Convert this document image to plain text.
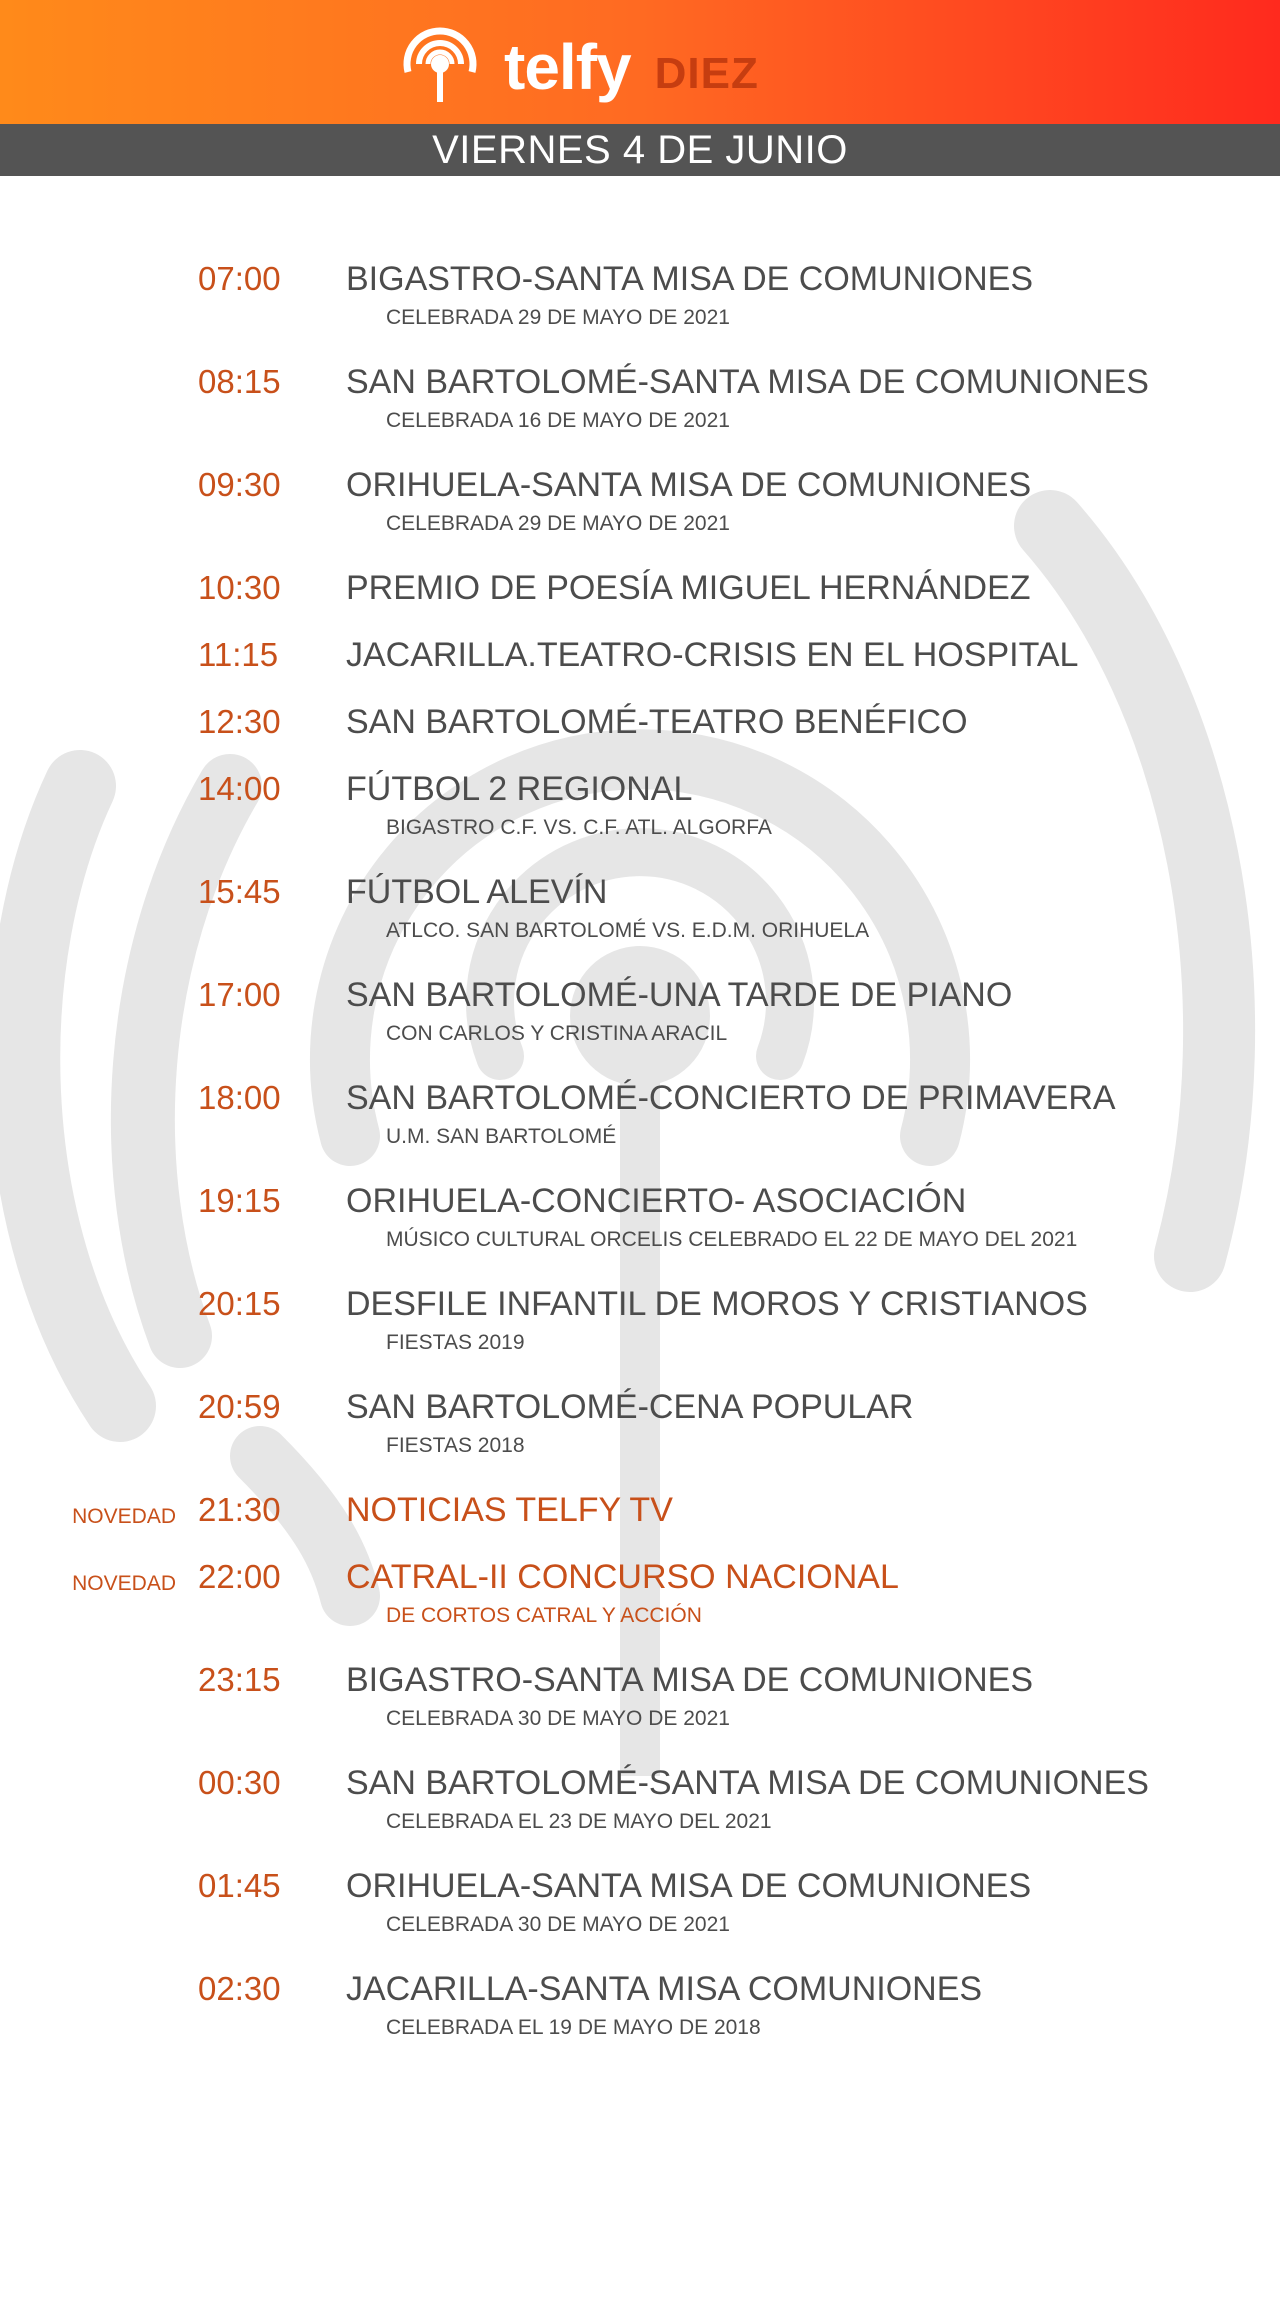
telfy DIEZ
VIERNES 4 DE JUNIO
07:00 BIGASTRO-SANTA MISA DE COMUNIONES
CELEBRADA 29 DE MAYO DE 2021
08:15 SAN BARTOLOMÉ-SANTA MISA DE COMUNIONES
CELEBRADA 16 DE MAYO DE 2021
09:30 ORIHUELA-SANTA MISA DE COMUNIONES
CELEBRADA 29 DE MAYO DE 2021
10:30 PREMIO DE POESÍA MIGUEL HERNÁNDEZ
11:15 JACARILLA.TEATRO-CRISIS EN EL HOSPITAL
12:30 SAN BARTOLOMÉ-TEATRO BENÉFICO
14:00 FÚTBOL 2 REGIONAL
BIGASTRO C.F. VS. C.F. ATL. ALGORFA
15:45 FÚTBOL ALEVÍN
ATLCO. SAN BARTOLOMÉ VS. E.D.M. ORIHUELA
17:00 SAN BARTOLOMÉ-UNA TARDE DE PIANO
CON CARLOS Y CRISTINA ARACIL
18:00 SAN BARTOLOMÉ-CONCIERTO DE PRIMAVERA
U.M. SAN BARTOLOMÉ
19:15 ORIHUELA-CONCIERTO- ASOCIACIÓN
MÚSICO CULTURAL ORCELIS CELEBRADO EL 22 DE MAYO DEL 2021
20:15 DESFILE INFANTIL DE MOROS Y CRISTIANOS
FIESTAS 2019
20:59 SAN BARTOLOMÉ-CENA POPULAR
FIESTAS 2018
NOVEDAD 21:30 NOTICIAS TELFY TV
NOVEDAD 22:00 CATRAL-II CONCURSO NACIONAL
DE CORTOS CATRAL Y ACCIÓN
23:15 BIGASTRO-SANTA MISA DE COMUNIONES
CELEBRADA 30 DE MAYO DE 2021
00:30 SAN BARTOLOMÉ-SANTA MISA DE COMUNIONES
CELEBRADA EL 23 DE MAYO DEL 2021
01:45 ORIHUELA-SANTA MISA DE COMUNIONES
CELEBRADA 30 DE MAYO DE 2021
02:30 JACARILLA-SANTA MISA COMUNIONES
CELEBRADA EL 19 DE MAYO DE 2018
